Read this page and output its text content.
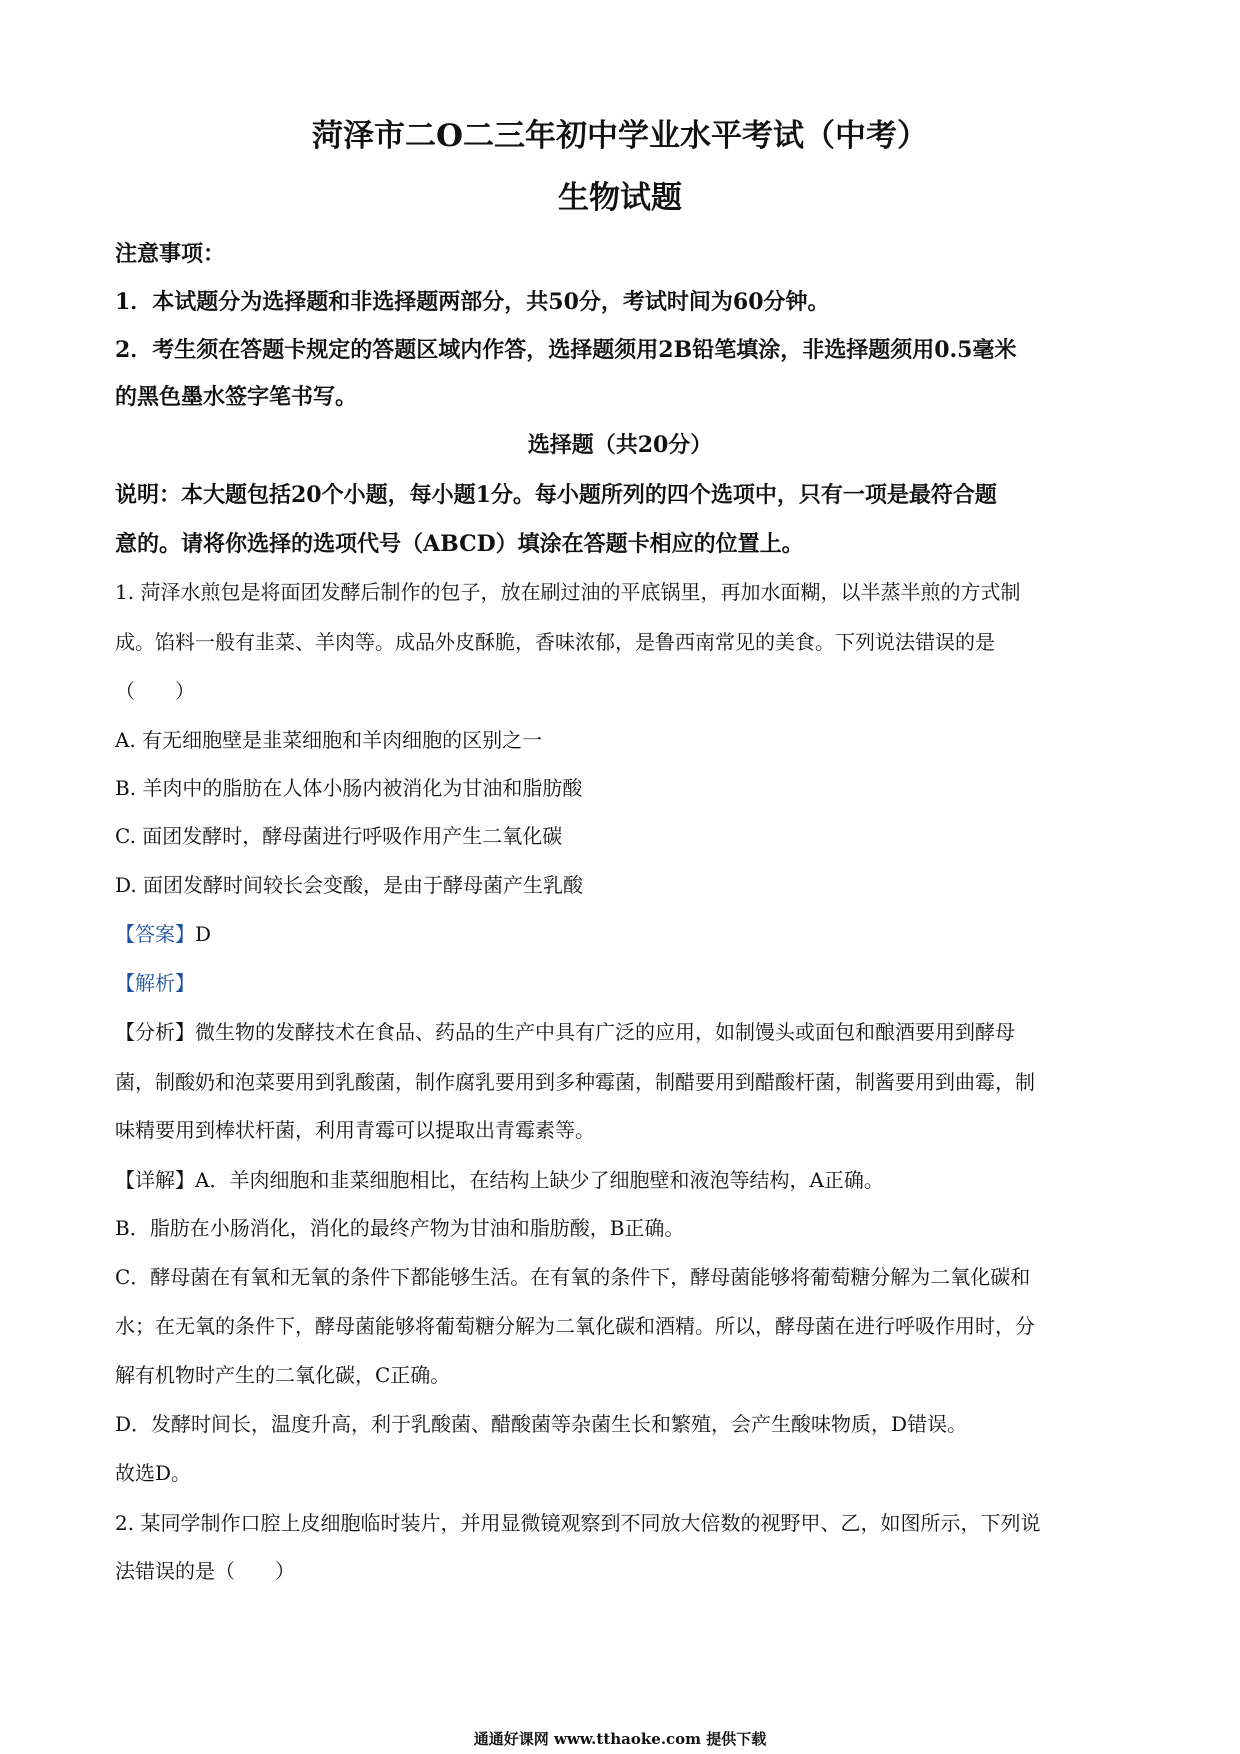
菏泽市二O二三年初中学业水平考试（中考）
生物试题
注意事项：
1．本试题分为选择题和非选择题两部分，共50分，考试时间为60分钟。
2．考生须在答题卡规定的答题区域内作答，选择题须用2B铅笔填涂，非选择题须用0.5毫米
的黑色墨水签字笔书写。
选择题（共20分）
说明：本大题包括20个小题，每小题1分。每小题所列的四个选项中，只有一项是最符合题
意的。请将你选择的选项代号（ABCD）填涂在答题卡相应的位置上。
1. 菏泽水煎包是将面团发酵后制作的包子，放在刷过油的平底锅里，再加水面糊，以半蒸半煎的方式制
成。馅料一般有韭菜、羊肉等。成品外皮酥脆，香味浓郁，是鲁西南常见的美食。下列说法错误的是
（　　）
A. 有无细胞壁是韭菜细胞和羊肉细胞的区别之一
B. 羊肉中的脂肪在人体小肠内被消化为甘油和脂肪酸
C. 面团发酵时，酵母菌进行呼吸作用产生二氧化碳
D. 面团发酵时间较长会变酸，是由于酵母菌产生乳酸
【答案】D
【解析】
【分析】微生物的发酵技术在食品、药品的生产中具有广泛的应用，如制馒头或面包和酿酒要用到酵母
菌，制酸奶和泡菜要用到乳酸菌，制作腐乳要用到多种霉菌，制醋要用到醋酸杆菌，制酱要用到曲霉，制
味精要用到棒状杆菌，利用青霉可以提取出青霉素等。
【详解】A．羊肉细胞和韭菜细胞相比，在结构上缺少了细胞壁和液泡等结构，A正确。
B．脂肪在小肠消化，消化的最终产物为甘油和脂肪酸，B正确。
C．酵母菌在有氧和无氧的条件下都能够生活。在有氧的条件下，酵母菌能够将葡萄糖分解为二氧化碳和
水；在无氧的条件下，酵母菌能够将葡萄糖分解为二氧化碳和酒精。所以，酵母菌在进行呼吸作用时，分
解有机物时产生的二氧化碳，C正确。
D．发酵时间长，温度升高，利于乳酸菌、醋酸菌等杂菌生长和繁殖，会产生酸味物质，D错误。
故选D。
2. 某同学制作口腔上皮细胞临时装片，并用显微镜观察到不同放大倍数的视野甲、乙，如图所示，下列说
法错误的是（　　）
通通好课网 www.tthaoke.com 提供下载
